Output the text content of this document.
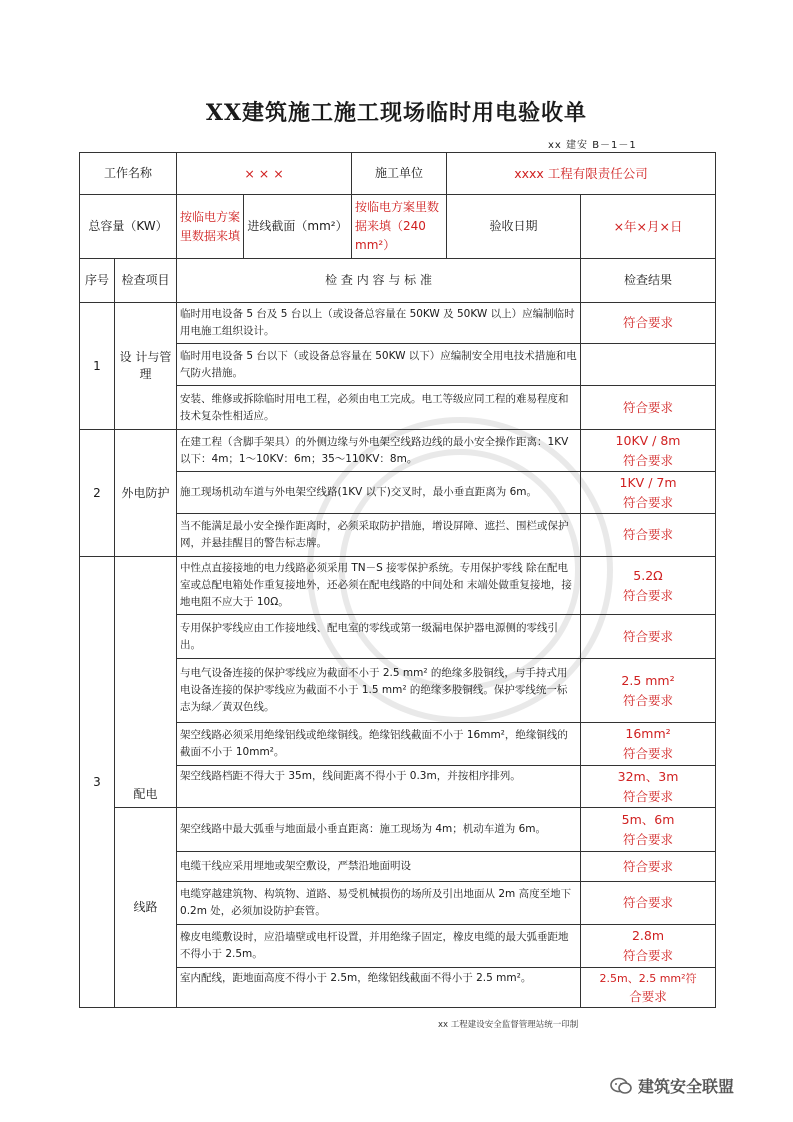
XX建筑施工施工现场临时用电验收单
xx 建安 B－1－1
工作名称		× × ×		施工单位	xxxx 工程有限责任公司	
总容量（KW）		按临电方案里数据来填	进线截面（mm²）	按临电方案里数据来填（240 mm²）	验收日期	×年×月×日
序号	检查项目	检 查 内 容 与 标 准				检查结果
1	设 计与管理	临时用电设备 5 台及 5 台以上（或设备总容量在 50KW 及 50KW 以上）应编制临时用电施工组织设计。				符合要求
		临时用电设备 5 台以下（或设备总容量在 50KW 以下）应编制安全用电技术措施和电气防火措施。				
		安装、维修或拆除临时用电工程，必须由电工完成。电工等级应同工程的难易程度和技术复杂性相适应。				符合要求
2	外电防护	在建工程（含脚手架具）的外侧边缘与外电架空线路边线的最小安全操作距离：1KV 以下：4m；1～10KV：6m；35～110KV：8m。				10KV / 8m
符合要求

		施工现场机动车道与外电架空线路(1KV 以下)交叉时，最小垂直距离为 6m。				1KV / 7m
符合要求

		当不能满足最小安全操作距离时，必须采取防护措施，增设屏障、遮拦、围栏或保护网，并悬挂醒目的警告标志牌。				符合要求
3	配电	中性点直接接地的电力线路必须采用 TN－S 接零保护系统。专用保护零线 除在配电室或总配电箱处作重复接地外，还必须在配电线路的中间处和 末端处做重复接地，接地电阻不应大于 10Ω。				5.2Ω
符合要求

		专用保护零线应由工作接地线、配电室的零线或第一级漏电保护器电源侧的零线引出。				符合要求
		与电气设备连接的保护零线应为截面不小于 2.5 mm² 的绝缘多股铜线，与手持式用电设备连接的保护零线应为截面不小于 1.5 mm² 的绝缘多股铜线。保护零线统一标志为绿／黄双色线。				2.5 mm²
符合要求

		架空线路必须采用绝缘铝线或绝缘铜线。绝缘铝线截面不小于 16mm²，绝缘铜线的截面不小于 10mm²。				16mm²
符合要求

		架空线路档距不得大于 35m，线间距离不得小于 0.3m，并按相序排列。				32m、3m
符合要求

	线路	架空线路中最大弧垂与地面最小垂直距离：施工现场为 4m；机动车道为 6m。				5m、6m
符合要求

		电缆干线应采用埋地或架空敷设，严禁沿地面明设				符合要求
		电缆穿越建筑物、构筑物、道路、易受机械损伤的场所及引出地面从 2m 高度至地下 0.2m 处，必须加设防护套管。				符合要求
		橡皮电缆敷设时，应沿墙壁或电杆设置，并用绝缘子固定，橡皮电缆的最大弧垂距地不得小于 2.5m。				2.8m
符合要求

		室内配线，距地面高度不得小于 2.5m，绝缘铝线截面不得小于 2.5 mm²。				2.5m、2.5 mm²符
合要求
xx 工程建设安全监督管理站统一印制
建筑安全联盟
